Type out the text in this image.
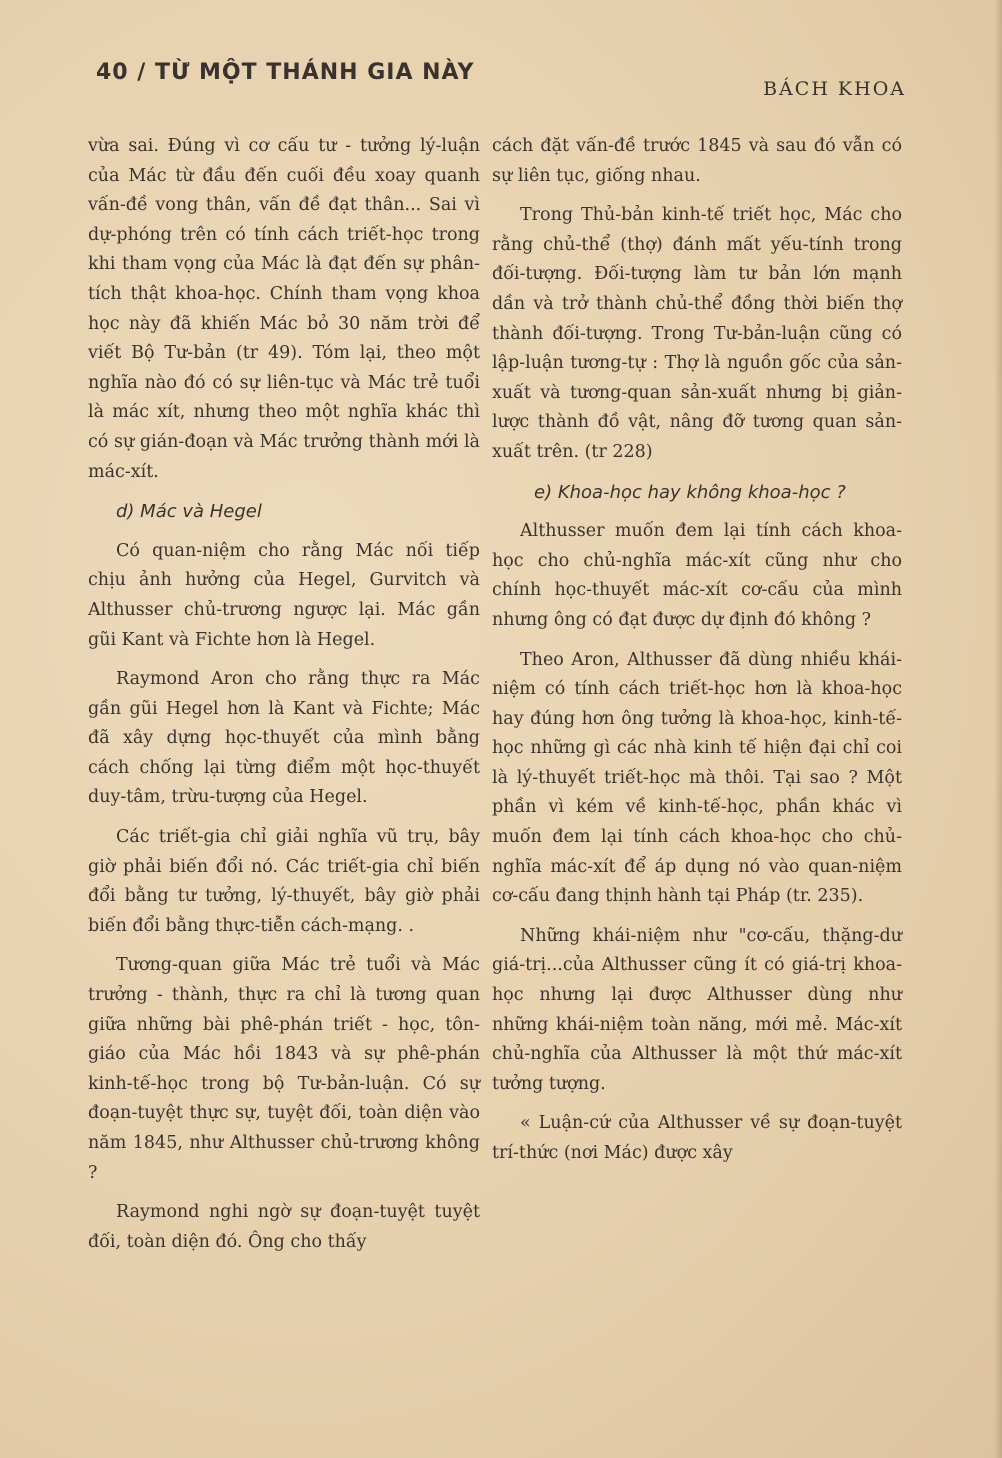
40 / TỪ MỘT THÁNH GIA NÀY
BÁCH KHOA

vừa sai. Đúng vì cơ cấu tư - tưởng lý-luận của Mác từ đầu đến cuối đều xoay quanh vấn-đề vong thân, vấn đề đạt thân... Sai vì dự-phóng trên có tính cách triết-học trong khi tham vọng của Mác là đạt đến sự phân-tích thật khoa-học. Chính tham vọng khoa học này đã khiến Mác bỏ 30 năm trời để viết Bộ Tư-bản (tr 49). Tóm lại, theo một nghĩa nào đó có sự liên-tục và Mác trẻ tuổi là mác xít, nhưng theo một nghĩa khác thì có sự gián-đoạn và Mác trưởng thành mới là mác-xít.

d) Mác và Hegel

Có quan-niệm cho rằng Mác nối tiếp chịu ảnh hưởng của Hegel, Gurvitch và Althusser chủ-trương ngược lại. Mác gần gũi Kant và Fichte hơn là Hegel.

Raymond Aron cho rằng thực ra Mác gần gũi Hegel hơn là Kant và Fichte; Mác đã xây dựng học-thuyết của mình bằng cách chống lại từng điểm một học-thuyết duy-tâm, trừu-tượng của Hegel.

Các triết-gia chỉ giải nghĩa vũ trụ, bây giờ phải biến đổi nó. Các triết-gia chỉ biến đổi bằng tư tưởng, lý-thuyết, bây giờ phải biến đổi bằng thực-tiễn cách-mạng. .

Tương-quan giữa Mác trẻ tuổi và Mác trưởng - thành, thực ra chỉ là tương quan giữa những bài phê-phán triết - học, tôn-giáo của Mác hồi 1843 và sự phê-phán kinh-tế-học trong bộ Tư-bản-luận. Có sự đoạn-tuyệt thực sự, tuyệt đối, toàn diện vào năm 1845, như Althusser chủ-trương không ?

Raymond nghi ngờ sự đoạn-tuyệt tuyệt đối, toàn diện đó. Ông cho thấy

cách đặt vấn-đề trước 1845 và sau đó vẫn có sự liên tục, giống nhau.

Trong Thủ-bản kinh-tế triết học, Mác cho rằng chủ-thể (thợ) đánh mất yếu-tính trong đối-tượng. Đối-tượng làm tư bản lớn mạnh dần và trở thành chủ-thể đồng thời biến thợ thành đối-tượng. Trong Tư-bản-luận cũng có lập-luận tương-tự : Thợ là nguồn gốc của sản-xuất và tương-quan sản-xuất nhưng bị giản-lược thành đồ vật, nâng đỡ tương quan sản-xuất trên. (tr 228)

e) Khoa-học hay không khoa-học ?

Althusser muốn đem lại tính cách khoa-học cho chủ-nghĩa mác-xít cũng như cho chính học-thuyết mác-xít cơ-cấu của mình nhưng ông có đạt được dự định đó không ?

Theo Aron, Althusser đã dùng nhiều khái-niệm có tính cách triết-học hơn là khoa-học hay đúng hơn ông tưởng là khoa-học, kinh-tế-học những gì các nhà kinh tế hiện đại chỉ coi là lý-thuyết triết-học mà thôi. Tại sao ? Một phần vì kém về kinh-tế-học, phần khác vì muốn đem lại tính cách khoa-học cho chủ-nghĩa mác-xít để áp dụng nó vào quan-niệm cơ-cấu đang thịnh hành tại Pháp (tr. 235).

Những khái-niệm như "cơ-cấu, thặng-dư giá-trị...của Althusser cũng ít có giá-trị khoa-học nhưng lại được Althusser dùng như những khái-niệm toàn năng, mới mẻ. Mác-xít chủ-nghĩa của Althusser là một thứ mác-xít tưởng tượng.

« Luận-cứ của Althusser về sự đoạn-tuyệt trí-thức (nơi Mác) được xây
